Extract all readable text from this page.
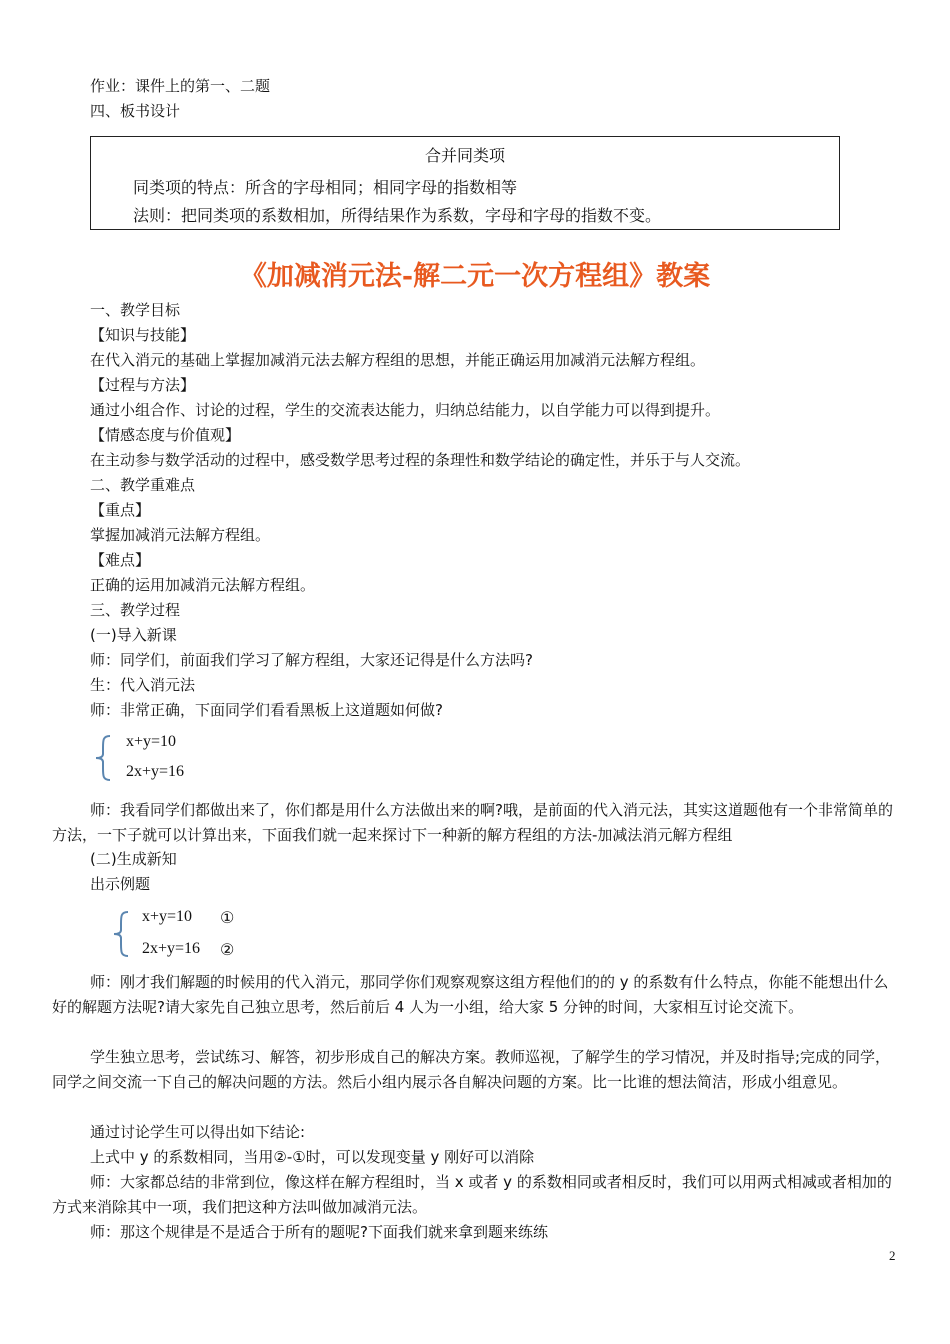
作业：课件上的第一、二题
四、板书设计
合并同类项
同类项的特点：所含的字母相同；相同字母的指数相等
法则：把同类项的系数相加，所得结果作为系数，字母和字母的指数不变。
《加减消元法-解二元一次方程组》教案
一、教学目标
【知识与技能】
在代入消元的基础上掌握加减消元法去解方程组的思想，并能正确运用加减消元法解方程组。
【过程与方法】
通过小组合作、讨论的过程，学生的交流表达能力，归纳总结能力，以自学能力可以得到提升。
【情感态度与价值观】
在主动参与数学活动的过程中，感受数学思考过程的条理性和数学结论的确定性，并乐于与人交流。
二、教学重难点
【重点】
掌握加减消元法解方程组。
【难点】
正确的运用加减消元法解方程组。
三、教学过程
(一)导入新课
师：同学们，前面我们学习了解方程组，大家还记得是什么方法吗?
生：代入消元法
师：非常正确，下面同学们看看黑板上这道题如何做?
x+y=10
2x+y=16
师：我看同学们都做出来了，你们都是用什么方法做出来的啊?哦，是前面的代入消元法，其实这道题他有一个非常简单的方法，一下子就可以计算出来，下面我们就一起来探讨下一种新的解方程组的方法-加减法消元解方程组
(二)生成新知
出示例题
x+y=10 ①
2x+y=16 ②
师：刚才我们解题的时候用的代入消元，那同学你们观察观察这组方程他们的的 y 的系数有什么特点，你能不能想出什么好的解题方法呢?请大家先自己独立思考，然后前后 4 人为一小组，给大家 5 分钟的时间，大家相互讨论交流下。
学生独立思考，尝试练习、解答，初步形成自己的解决方案。教师巡视，了解学生的学习情况，并及时指导;完成的同学，同学之间交流一下自己的解决问题的方法。然后小组内展示各自解决问题的方案。比一比谁的想法简洁，形成小组意见。
通过讨论学生可以得出如下结论:
上式中 y 的系数相同，当用②-①时，可以发现变量 y 刚好可以消除
师：大家都总结的非常到位，像这样在解方程组时，当 x 或者 y 的系数相同或者相反时，我们可以用两式相减或者相加的方式来消除其中一项，我们把这种方法叫做加减消元法。
师：那这个规律是不是适合于所有的题呢?下面我们就来拿到题来练练
2
